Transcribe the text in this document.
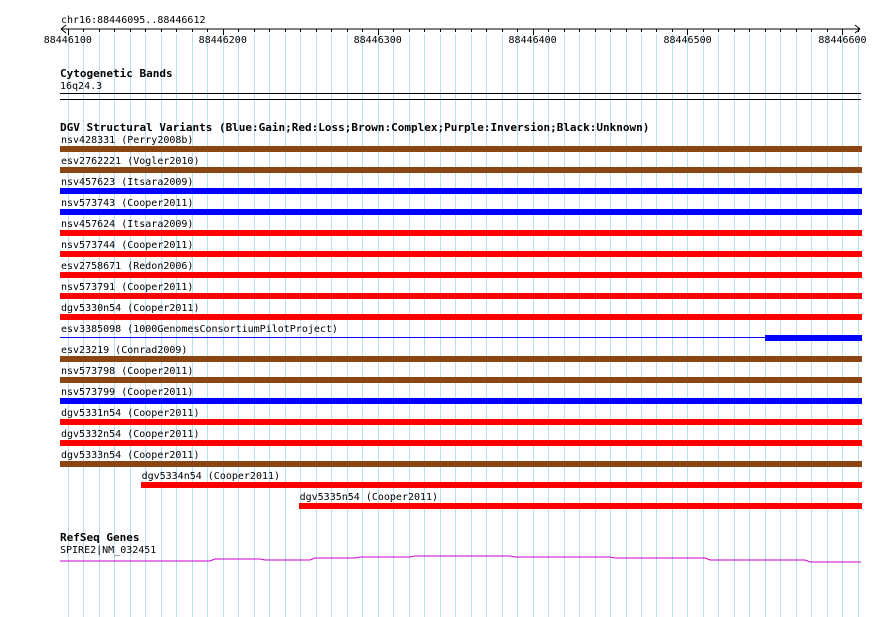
chr16:88446095..88446612
88446100	88446200	88446300	88446400	88446500	88446600
Cytogenetic Bands
16q24.3
DGV Structural Variants (Blue:Gain;Red:Loss;Brown:Complex;Purple:Inversion;Black:Unknown)
nsv428331 (Perry2008b)
esv2762221 (Vogler2010)
nsv457623 (Itsara2009)
nsv573743 (Cooper2011)
nsv457624 (Itsara2009)
nsv573744 (Cooper2011)
esv2758671 (Redon2006)
nsv573791 (Cooper2011)
dgv5330n54 (Cooper2011)
esv3385098 (1000GenomesConsortiumPilotProject)
esv23219 (Conrad2009)
nsv573798 (Cooper2011)
nsv573799 (Cooper2011)
dgv5331n54 (Cooper2011)
dgv5332n54 (Cooper2011)
dgv5333n54 (Cooper2011)
dgv5334n54 (Cooper2011)
dgv5335n54 (Cooper2011)
RefSeq Genes
SPIRE2|NM_032451
